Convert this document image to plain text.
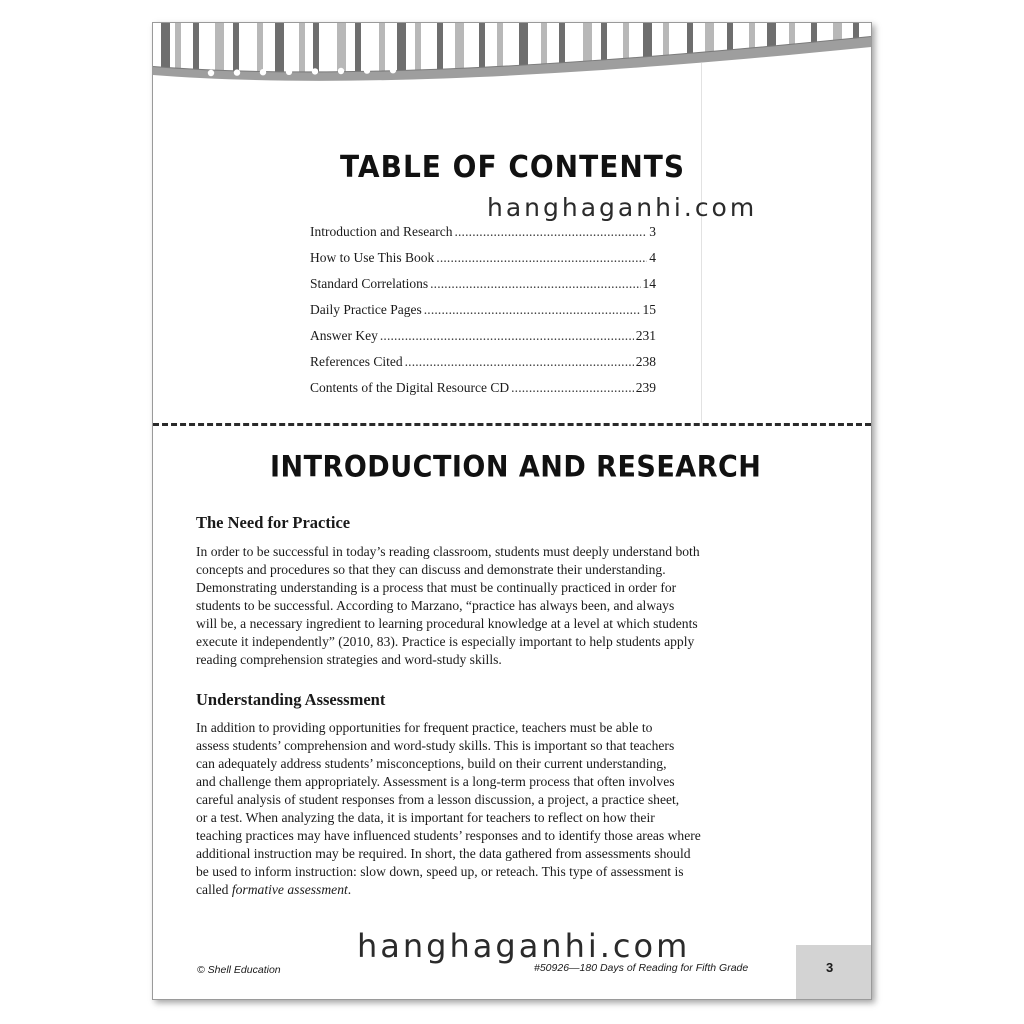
hanghaganhi.com
TABLE OF CONTENTS
Introduction and Research . . .	3
How to Use This Book . . .	4
Standard Correlations . . .	14
Daily Practice Pages . . .	15
Answer Key . . .	231
References Cited . . .	238
Contents of the Digital Resource CD . . .	239
INTRODUCTION AND RESEARCH
The Need for Practice
In order to be successful in today’s reading classroom, students must deeply understand both
concepts and procedures so that they can discuss and demonstrate their understanding.
Demonstrating understanding is a process that must be continually practiced in order for
students to be successful. According to Marzano, “practice has always been, and always
will be, a necessary ingredient to learning procedural knowledge at a level at which students
execute it independently” (2010, 83). Practice is especially important to help students apply
reading comprehension strategies and word-study skills.
Understanding Assessment
In addition to providing opportunities for frequent practice, teachers must be able to
assess students’ comprehension and word-study skills. This is important so that teachers
can adequately address students’ misconceptions, build on their current understanding,
and challenge them appropriately. Assessment is a long-term process that often involves
careful analysis of student responses from a lesson discussion, a project, a practice sheet,
or a test. When analyzing the data, it is important for teachers to reflect on how their
teaching practices may have influenced students’ responses and to identify those areas where
additional instruction may be required. In short, the data gathered from assessments should
be used to inform instruction: slow down, speed up, or reteach. This type of assessment is
called formative assessment.
hanghaganhi.com
© Shell Education	#50926—180 Days of Reading for Fifth Grade	3
